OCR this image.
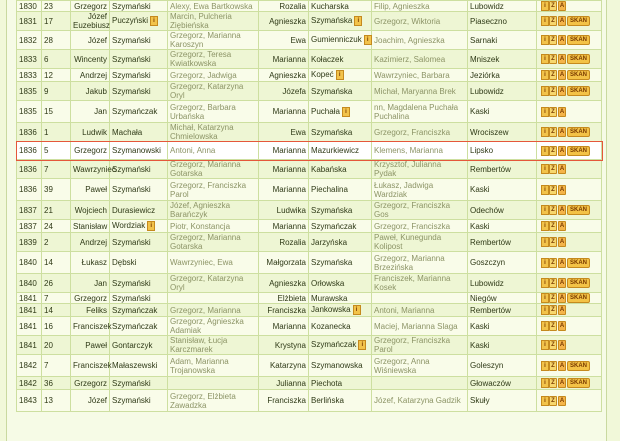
1830	23	Grzegorz	Szymański	Alexy, Ewa Bartkowska	Rozalia	Kucharska	Filip, Agnieszka	Lubowidz	i Z A
1831	17	Józef Euzebiusz	Puczyński i	Marcin, Pulcheria Ziębieńska	Agnieszka	Szymańska i	Grzegorz, Wiktoria	Piaseczno	i Z A SKAN
1832	28	Józef	Szymański	Grzegorz, Marianna Karoszyn	Ewa	Gumienniczuk i	Joachim, Agnieszka	Sarnaki	i Z A SKAN
1833	6	Wincenty	Szymański	Grzegorz, Teresa Kwiatkowska	Marianna	Kołaczek	Kazimierz, Salomea	Mniszek	i Z A SKAN
1833	12	Andrzej	Szymański	Grzegorz, Jadwiga	Agnieszka	Kopeć i	Wawrzyniec, Barbara	Jeziórka	i Z A SKAN
1835	9	Jakub	Szymański	Grzegorz, Katarzyna Oryl	Józefa	Szymańska	Michał, Maryanna Brek	Lubowidz	i Z A SKAN
1835	15	Jan	Szymańczak	Grzegorz, Barbara Urbańska	Marianna	Puchała i	nn, Magdalena Puchała Puchalina	Kaski	i Z A
1836	1	Ludwik	Machała	Michał, Katarzyna Chmielowska	Ewa	Szymańska	Grzegorz, Franciszka	Wrociszew	i Z A SKAN
1836	5	Grzegorz	Szymanowski	Antoni, Anna	Marianna	Mazurkiewicz	Klemens, Marianna	Lipsko	i Z A SKAN
1836	7	Wawrzyniec	Szymański	Grzegorz, Marianna Gotarska	Marianna	Kabańska	Krzysztof, Julianna Pydak	Rembertów	i Z A
1836	39	Paweł	Szymański	Grzegorz, Franciszka Parol	Marianna	Piechalina	Łukasz, Jadwiga Wardziak	Kaski	i Z A
1837	21	Wojciech	Durasiewicz	Józef, Agnieszka Barańczyk	Ludwika	Szymańska	Grzegorz, Franciszka Gos	Odechów	i Z A SKAN
1837	24	Stanisław	Wordziak i	Piotr, Konstancja	Marianna	Szymańczak	Grzegorz, Franciszka	Kaski	i Z A
1839	2	Andrzej	Szymański	Grzegorz, Marianna Gotarska	Rozalia	Jarzyńska	Paweł, Kunegunda Kolipost	Rembertów	i Z A
1840	14	Łukasz	Dębski	Wawrzyniec, Ewa	Małgorzata	Szymańska	Grzegorz, Marianna Brzezińska	Goszczyn	i Z A SKAN
1840	26	Jan	Szymański	Grzegorz, Katarzyna Oryl	Agnieszka	Orłowska	Franciszek, Marianna Kosek	Lubowidz	i Z A SKAN
1841	7	Grzegorz	Szymański		Elżbieta	Murawska		Niegów	i Z A SKAN
1841	14	Feliks	Szymańczak	Grzegorz, Marianna	Franciszka	Jankowska i	Antoni, Marianna	Rembertów	i Z A
1841	16	Franciszek	Szymańczak	Grzegorz, Agnieszka Adamiak	Marianna	Kozanecka	Maciej, Marianna Slaga	Kaski	i Z A
1841	20	Paweł	Gontarczyk	Stanisław, Łucja Karczmarek	Krystyna	Szymańczak i	Grzegorz, Franciszka Parol	Kaski	i Z A
1842	7	Franciszek	Małaszewski	Adam, Marianna Trojanowska	Katarzyna	Szymanowska	Grzegorz, Anna Wiśniewska	Goleszyn	i Z A SKAN
1842	36	Grzegorz	Szymański		Julianna	Piechota		Głowaczów	i Z A SKAN
1843	13	Józef	Szymański	Grzegorz, Elżbieta Zawadzka	Franciszka	Berlińska	Józef, Katarzyna Gadzik	Skuły	i Z A
